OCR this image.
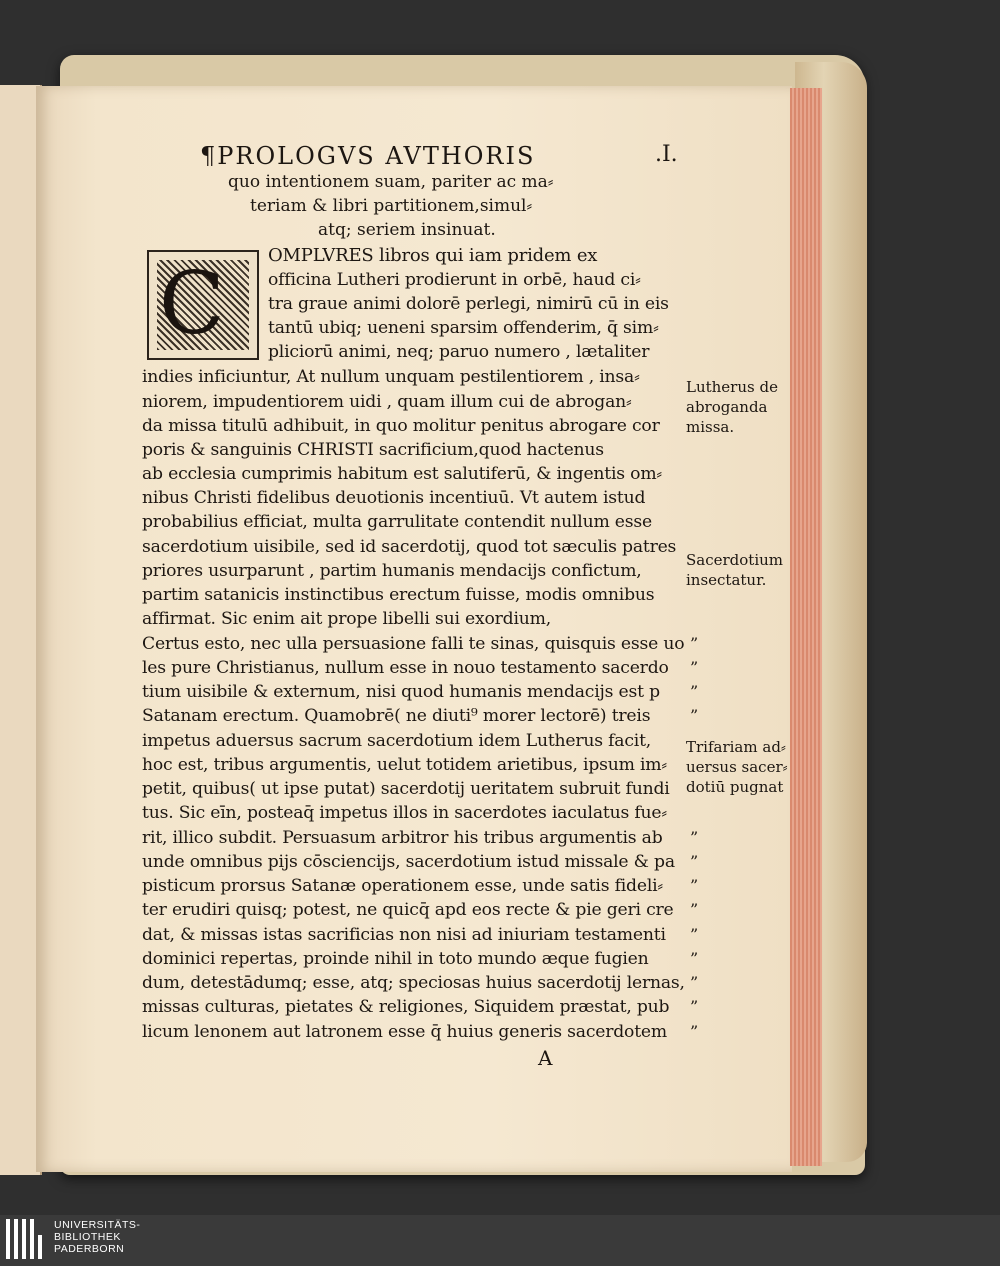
¶PROLOGVS AVTHORIS	.I.
quo intentionem suam, pariter ac ma⸗
teriam & libri partitionem,simul⸗
atq; seriem insinuat.
C OMPLVRES libros qui iam pridem ex
officina Lutheri prodierunt in orbē, haud ci⸗
tra graue animi dolorē perlegi, nimirū cū in eis
tantū ubiq; ueneni sparsim offenderim, q̄ sim⸗
pliciorū animi, neq; paruo numero , lætaliter
indies inficiuntur, At nullum unquam pestilentiorem , insa⸗
niorem, impudentiorem uidi , quam illum cui de abrogan⸗
da missa titulū adhibuit, in quo molitur penitus abrogare cor
poris & sanguinis CHRISTI sacrificium,quod hactenus
ab ecclesia cumprimis habitum est salutiferū, & ingentis om⸗
nibus Christi fidelibus deuotionis incentiuū. Vt autem istud
probabilius efficiat, multa garrulitate contendit nullum esse
sacerdotium uisibile, sed id sacerdotij, quod tot sæculis patres
priores usurparunt , partim humanis mendacijs confictum,
partim satanicis instinctibus erectum fuisse, modis omnibus
affirmat. Sic enim ait prope libelli sui exordium,
Certus esto, nec ulla persuasione falli te sinas, quisquis esse uo
les pure Christianus, nullum esse in nouo testamento sacerdo
tium uisibile & externum, nisi quod humanis mendacijs est p
Satanam erectum. Quamobrē( ne diuti⁹ morer lectorē) treis
impetus aduersus sacrum sacerdotium idem Lutherus facit,
hoc est, tribus argumentis, uelut totidem arietibus, ipsum im⸗
petit, quibus( ut ipse putat) sacerdotij ueritatem subruit fundi
tus. Sic eīn, posteaq̄ impetus illos in sacerdotes iaculatus fue⸗
rit, illico subdit. Persuasum arbitror his tribus argumentis ab
unde omnibus pijs cōsciencijs, sacerdotium istud missale & pa
pisticum prorsus Satanæ operationem esse, unde satis fideli⸗
ter erudiri quisq; potest, ne quicq̄ apd eos recte & pie geri cre
dat, & missas istas sacrificias non nisi ad iniuriam testamenti
dominici repertas, proinde nihil in toto mundo æque fugien
dum, detestādumq; esse, atq; speciosas huius sacerdotij lernas,
missas culturas, pietates & religiones, Siquidem præstat, pub
licum lenonem aut latronem esse q̄ huius generis sacerdotem
A
Lutherus de
abroganda
missa.
Sacerdotium
insectatur.
Trifariam ad⸗
uersus sacer⸗
dotiū pugnat
”
”
”
”
”
”
”
”
”
”
”
”
”
UNIVERSITÄTS-
BIBLIOTHEK
PADERBORN
